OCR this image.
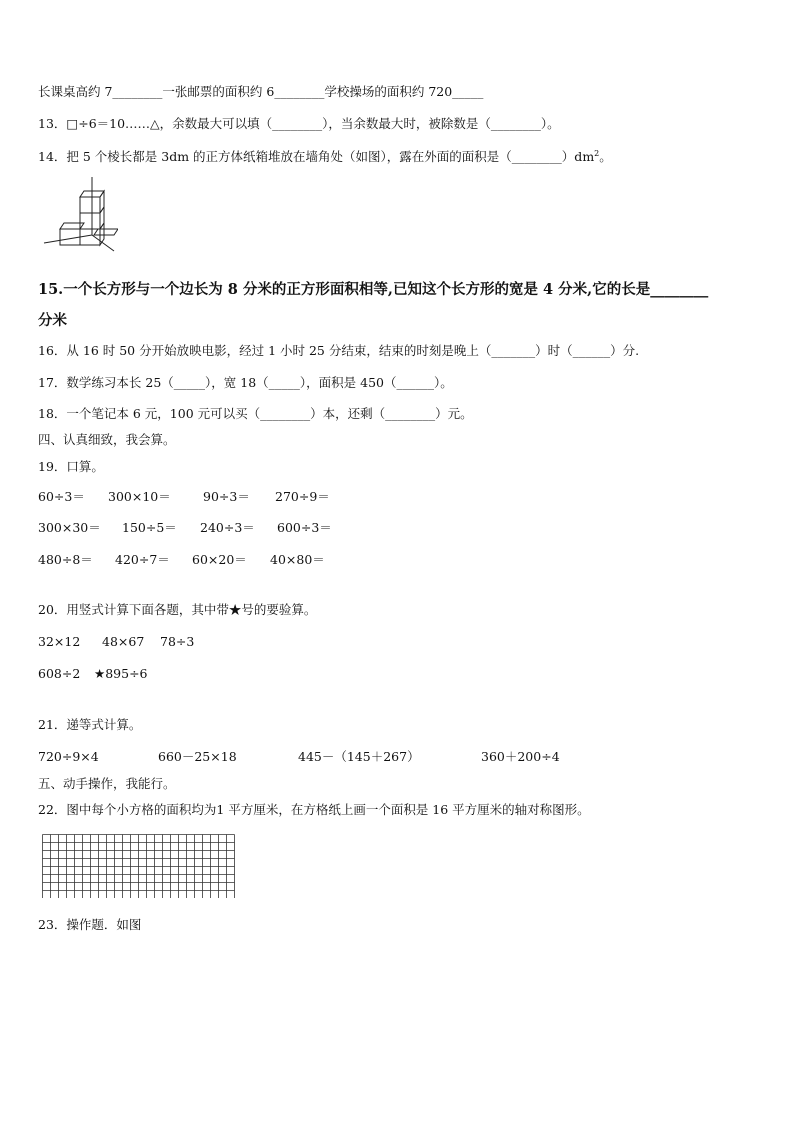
长课桌高约 7________一张邮票的面积约 6________学校操场的面积约 720_____
13．□÷6＝10……△，余数最大可以填（________），当余数最大时，被除数是（________）。
14．把 5 个棱长都是 3dm 的正方体纸箱堆放在墙角处（如图），露在外面的面积是$(\_\_\_\_\_\_\_\_)dm^2$。
15.一个长方形与一个边长为 8 分米的正方形面积相等,已知这个长方形的宽是 4 分米,它的长是________
分米
16．从 16 时 50 分开始放映电影，经过 1 小时 25 分结束，结束的时刻是晚上（_______）时（______）分.
17．数学练习本长 25（_____），宽 18（_____），面积是 450（______）。
18．一个笔记本 6 元，100 元可以买（________）本，还剩（________）元。
四、认真细致，我会算。
19．口算。
60÷3＝ 300×10＝	90÷3＝ 270÷9＝
300×30＝ 150÷5＝ 240÷3＝ 600÷3＝
480÷8＝ 420÷7＝ 60×20＝ 40×80＝
20．用竖式计算下面各题，其中带★号的要验算。
32×12 48×67 78÷3
608÷2 ★895÷6
21．递等式计算。
720÷9×4	660－25×18	445－（145＋267）	360＋200÷4
五、动手操作，我能行。
22．图中每个小方格的面积均为1 平方厘米，在方格纸上画一个面积是 16 平方厘米的轴对称图形。
23．操作题．如图
